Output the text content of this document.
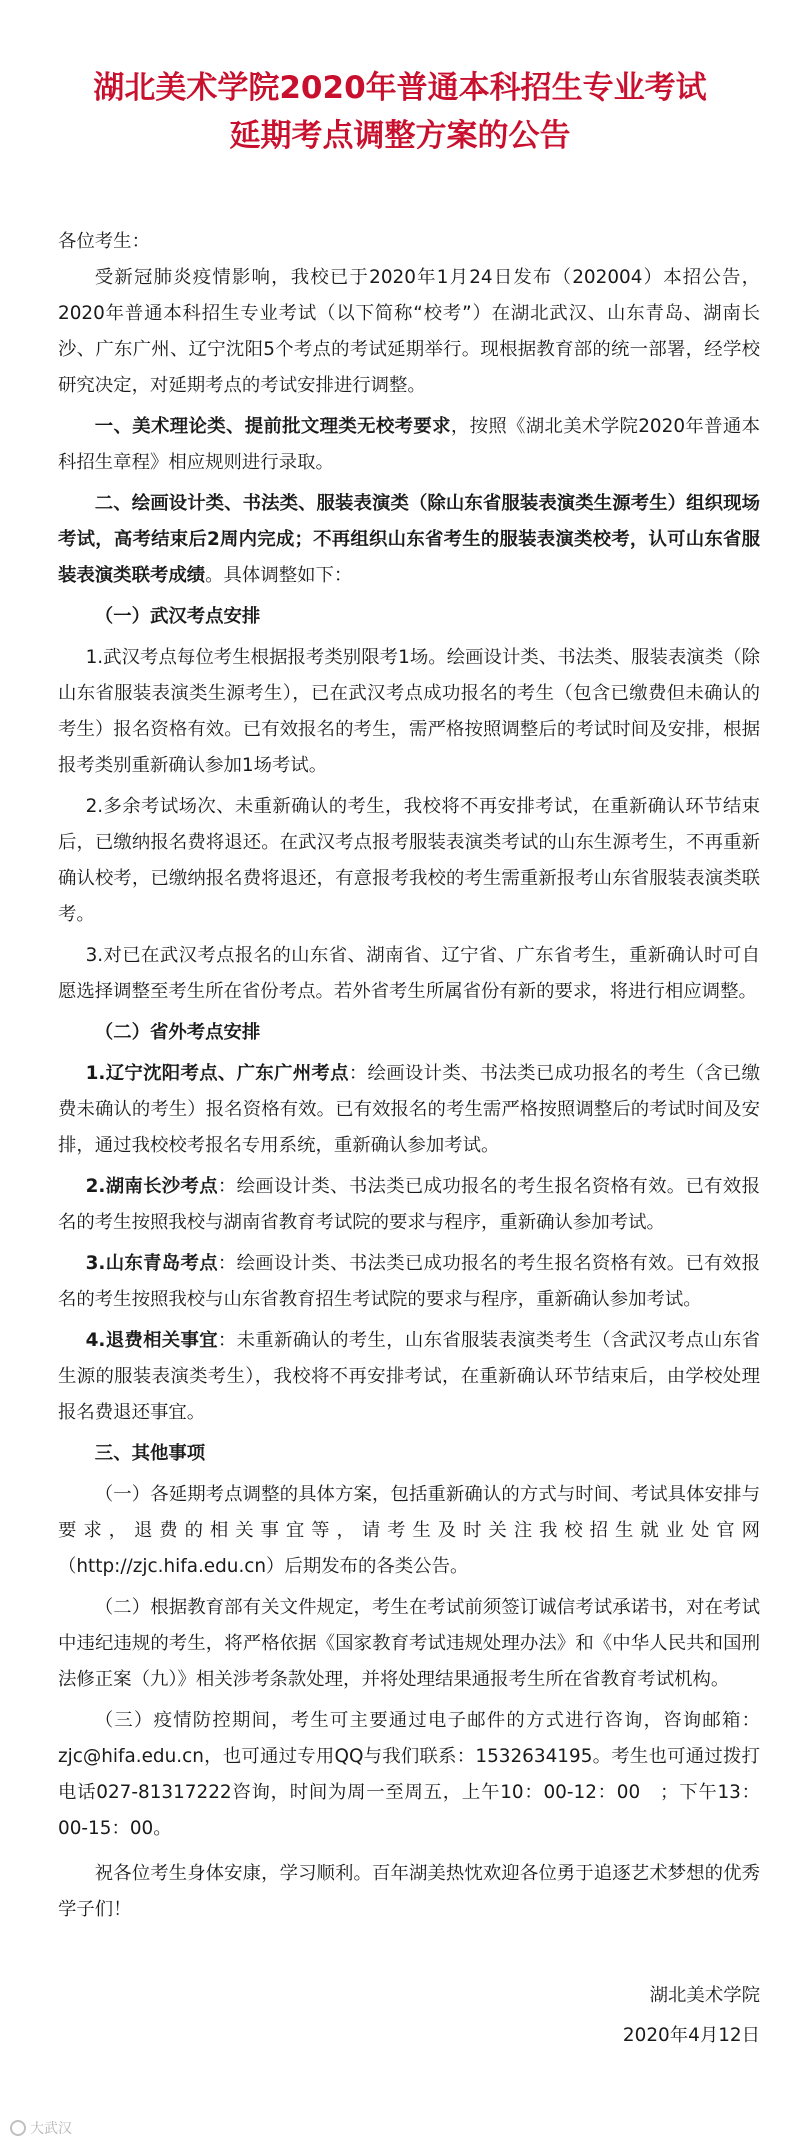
湖北美术学院2020年普通本科招生专业考试
延期考点调整方案的公告

各位考生：

受新冠肺炎疫情影响，我校已于2020年1月24日发布（202004）本招公告，2020年普通本科招生专业考试（以下简称“校考”）在湖北武汉、山东青岛、湖南长沙、广东广州、辽宁沈阳5个考点的考试延期举行。现根据教育部的统一部署，经学校研究决定，对延期考点的考试安排进行调整。

一、美术理论类、提前批文理类无校考要求，按照《湖北美术学院2020年普通本科招生章程》相应规则进行录取。

二、绘画设计类、书法类、服装表演类（除山东省服装表演类生源考生）组织现场考试，高考结束后2周内完成；不再组织山东省考生的服装表演类校考，认可山东省服装表演类联考成绩。具体调整如下：

（一）武汉考点安排

1.武汉考点每位考生根据报考类别限考1场。绘画设计类、书法类、服装表演类（除山东省服装表演类生源考生），已在武汉考点成功报名的考生（包含已缴费但未确认的考生）报名资格有效。已有效报名的考生，需严格按照调整后的考试时间及安排，根据报考类别重新确认参加1场考试。

2.多余考试场次、未重新确认的考生，我校将不再安排考试，在重新确认环节结束后，已缴纳报名费将退还。在武汉考点报考服装表演类考试的山东生源考生，不再重新确认校考，已缴纳报名费将退还，有意报考我校的考生需重新报考山东省服装表演类联考。

3.对已在武汉考点报名的山东省、湖南省、辽宁省、广东省考生，重新确认时可自愿选择调整至考生所在省份考点。若外省考生所属省份有新的要求，将进行相应调整。

（二）省外考点安排

1.辽宁沈阳考点、广东广州考点：绘画设计类、书法类已成功报名的考生（含已缴费未确认的考生）报名资格有效。已有效报名的考生需严格按照调整后的考试时间及安排，通过我校校考报名专用系统，重新确认参加考试。

2.湖南长沙考点：绘画设计类、书法类已成功报名的考生报名资格有效。已有效报名的考生按照我校与湖南省教育考试院的要求与程序，重新确认参加考试。

3.山东青岛考点：绘画设计类、书法类已成功报名的考生报名资格有效。已有效报名的考生按照我校与山东省教育招生考试院的要求与程序，重新确认参加考试。

4.退费相关事宜：未重新确认的考生，山东省服装表演类考生（含武汉考点山东省生源的服装表演类考生），我校将不再安排考试，在重新确认环节结束后，由学校处理报名费退还事宜。

三、其他事项

（一）各延期考点调整的具体方案，包括重新确认的方式与时间、考试具体安排与要求，退费的相关事宜等，请考生及时关注我校招生就业处官网（http://zjc.hifa.edu.cn）后期发布的各类公告。

（二）根据教育部有关文件规定，考生在考试前须签订诚信考试承诺书，对在考试中违纪违规的考生，将严格依据《国家教育考试违规处理办法》和《中华人民共和国刑法修正案（九）》相关涉考条款处理，并将处理结果通报考生所在省教育考试机构。

（三）疫情防控期间，考生可主要通过电子邮件的方式进行咨询，咨询邮箱：zjc@hifa.edu.cn，也可通过专用QQ与我们联系：1532634195。考生也可通过拨打电话027-81317222咨询，时间为周一至周五，上午10：00-12：00　；下午13：00-15：00。

祝各位考生身体安康，学习顺利。百年湖美热忱欢迎各位勇于追逐艺术梦想的优秀学子们！

湖北美术学院
2020年4月12日
大武汉
